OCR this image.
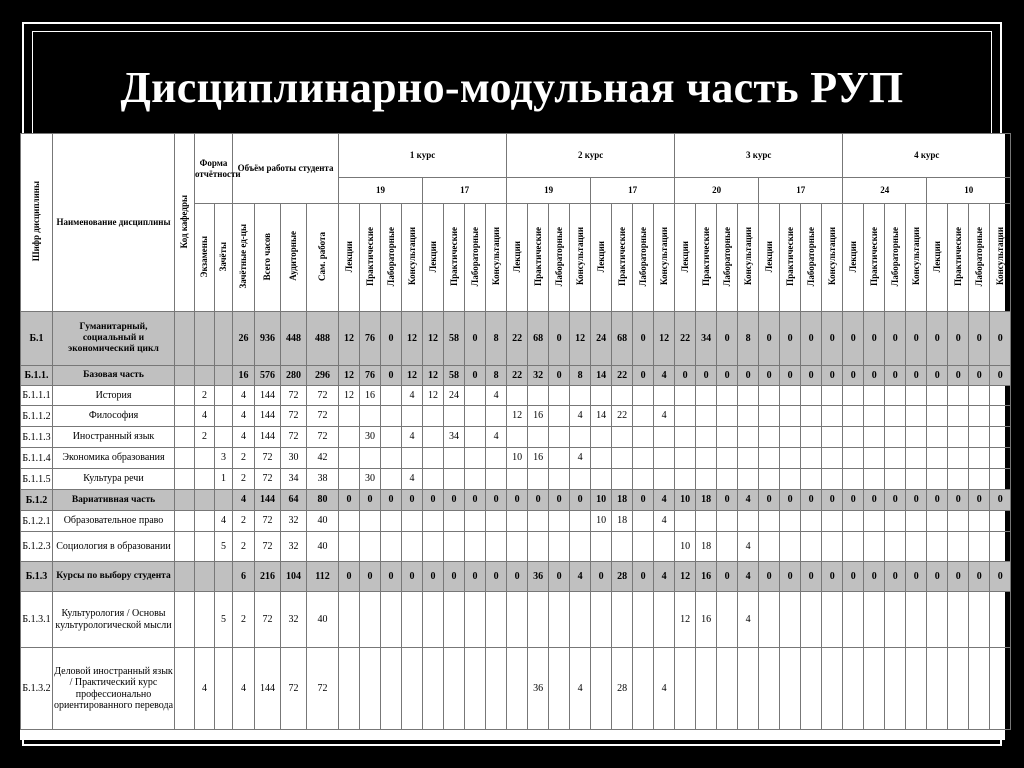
Дисциплинарно-модульная часть РУП
Шифр дисциплины	Наименование дисциплины	Код кафедры	Форма отчётности		Объём работы студента				1 курс								2 курс								3 курс								4 курс							
									19				17				19				17				20				17				24				10			
			Экзамены	Зачёты	Зачётные ед-цы	Всего часов	Аудиторные	Сам. работа	Лекции	Практические	Лабораторные	Консультации	Лекции	Практические	Лабораторные	Консультации	Лекции	Практические	Лабораторные	Консультации	Лекции	Практические	Лабораторные	Консультации	Лекции	Практические	Лабораторные	Консультации	Лекции	Практические	Лабораторные	Консультации	Лекции	Практические	Лабораторные	Консультации	Лекции	Практические	Лабораторные	Консультации
Б.1	Гуманитарный, социальный и экономический цикл				26	936	448	488	12	76	0	12	12	58	0	8	22	68	0	12	24	68	0	12	22	34	0	8	0	0	0	0	0	0	0	0	0	0	0	0
Б.1.1.	Базовая часть				16	576	280	296	12	76	0	12	12	58	0	8	22	32	0	8	14	22	0	4	0	0	0	0	0	0	0	0	0	0	0	0	0	0	0	0
Б.1.1.1	История		2		4	144	72	72	12	16		4	12	24		4																								
Б.1.1.2	Философия		4		4	144	72	72									12	16		4	14	22		4																
Б.1.1.3	Иностранный язык		2		4	144	72	72		30		4		34		4																								
Б.1.1.4	Экономика образования			3	2	72	30	42									10	16		4																				
Б.1.1.5	Культура речи			1	2	72	34	38		30		4																												
Б.1.2	Вариативная часть				4	144	64	80	0	0	0	0	0	0	0	0	0	0	0	0	10	18	0	4	10	18	0	4	0	0	0	0	0	0	0	0	0	0	0	0
Б.1.2.1	Образовательное право			4	2	72	32	40													10	18		4																
Б.1.2.3	Социология в образовании			5	2	72	32	40																	10	18		4												
Б.1.3	Курсы по выбору студента				6	216	104	112	0	0	0	0	0	0	0	0	0	36	0	4	0	28	0	4	12	16	0	4	0	0	0	0	0	0	0	0	0	0	0	0
Б.1.3.1	Культурология / Основы культурологической мысли			5	2	72	32	40																	12	16		4												
Б.1.3.2	Деловой иностранный язык / Практический курс профессионально ориентированного перевода		4		4	144	72	72										36		4		28		4																
